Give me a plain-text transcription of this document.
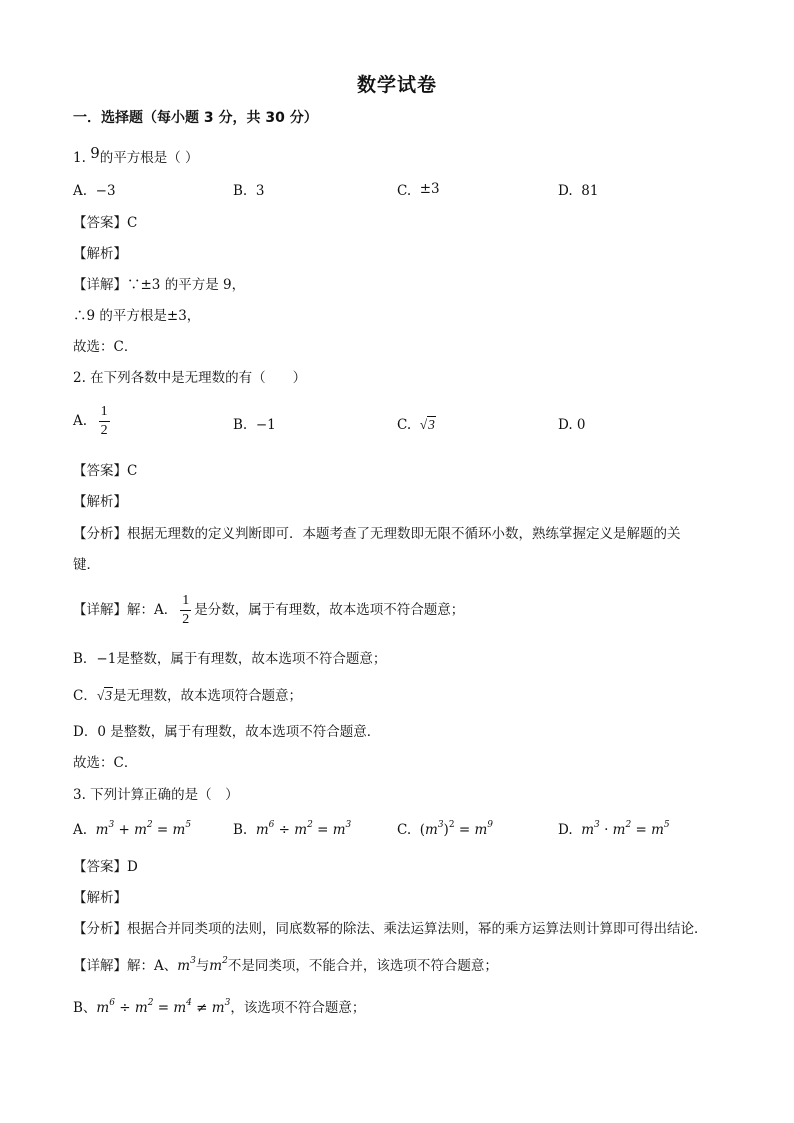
数学试卷
一．选择题（每小题 3 分，共 30 分）
1. 9的平方根是（ ）
A. −3	B. 3	C. ±3	D. 81
【答案】C
【解析】
【详解】∵±3 的平方是 9，
∴9 的平方根是±3，
故选：C．
2. 在下列各数中是无理数的有（　　）
A. $\frac{1}{2}$	B. −1	C. √3	D. 0
【答案】C
【解析】
【分析】根据无理数的定义判断即可．本题考查了无理数即无限不循环小数，熟练掌握定义是解题的关
键．
【详解】解：A． $\frac{1}{2}$ 是分数，属于有理数，故本选项不符合题意；
B．−1是整数，属于有理数，故本选项不符合题意；
C．√3是无理数，故本选项符合题意；
D．0 是整数，属于有理数，故本选项不符合题意．
故选：C．
3. 下列计算正确的是（　）
A. $m^3 + m^2 = m^5$	B. $m^6 \div m^2 = m^3$	C.  $(m^3)^2 = m^9$	D. $m^3 \cdot m^2 = m^5$
【答案】D
【解析】
【分析】根据合并同类项的法则，同底数幂的除法、乘法运算法则，幂的乘方运算法则计算即可得出结论．
【详解】解：A、$m^3$与$m^2$不是同类项，不能合并，该选项不符合题意；
B、$m^6 \div m^2 = m^4 \ne m^3$，该选项不符合题意；
